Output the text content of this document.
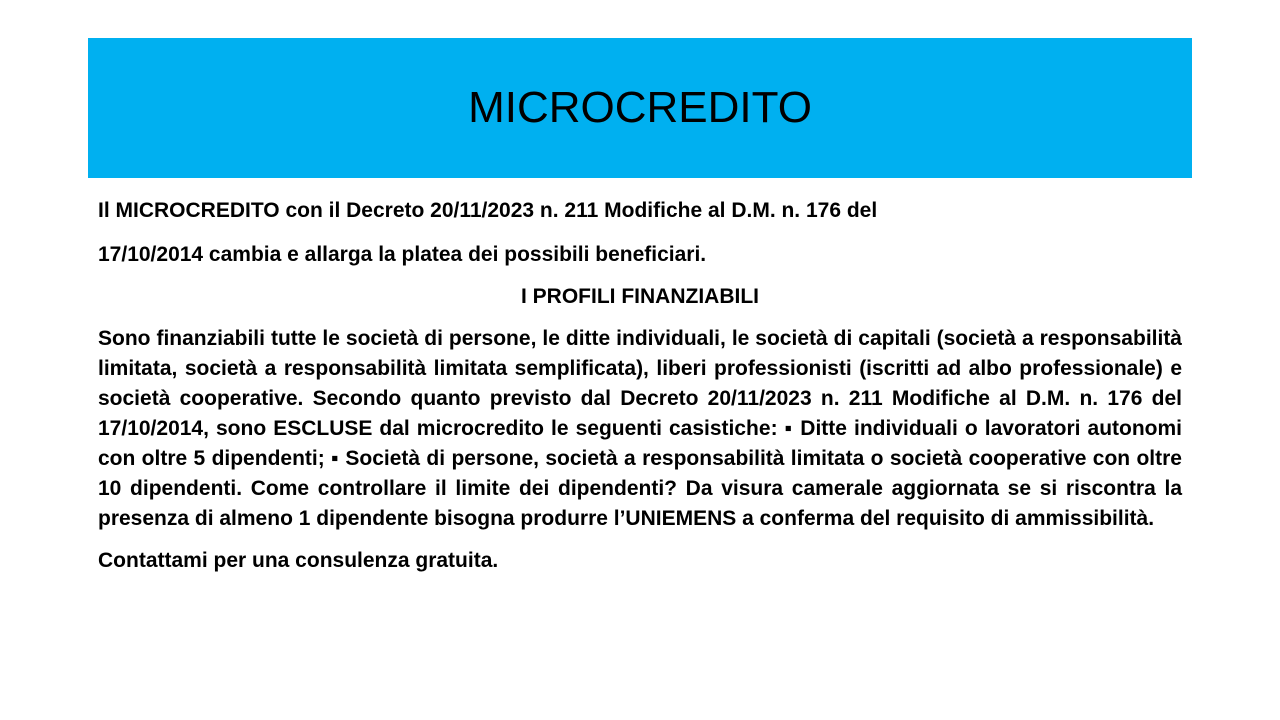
MICROCREDITO

Il MICROCREDITO con il Decreto 20/11/2023 n. 211 Modifiche al D.M. n. 176 del

17/10/2014 cambia e allarga la platea dei possibili beneficiari.

I PROFILI FINANZIABILI

Sono finanziabili tutte le società di persone, le ditte individuali, le società di capitali (società a responsabilità limitata, società a responsabilità limitata semplificata), liberi professionisti (iscritti ad albo professionale) e società cooperative. Secondo quanto previsto dal Decreto 20/11/2023 n. 211 Modifiche al D.M. n. 176 del 17/10/2014, sono ESCLUSE dal microcredito le seguenti casistiche: ▪ Ditte individuali o lavoratori autonomi con oltre 5 dipendenti; ▪ Società di persone, società a responsabilità limitata o società cooperative con oltre 10 dipendenti. Come controllare il limite dei dipendenti? Da visura camerale aggiornata se si riscontra la presenza di almeno 1 dipendente bisogna produrre l’UNIEMENS a conferma del requisito di ammissibilità.

Contattami per una consulenza gratuita.
